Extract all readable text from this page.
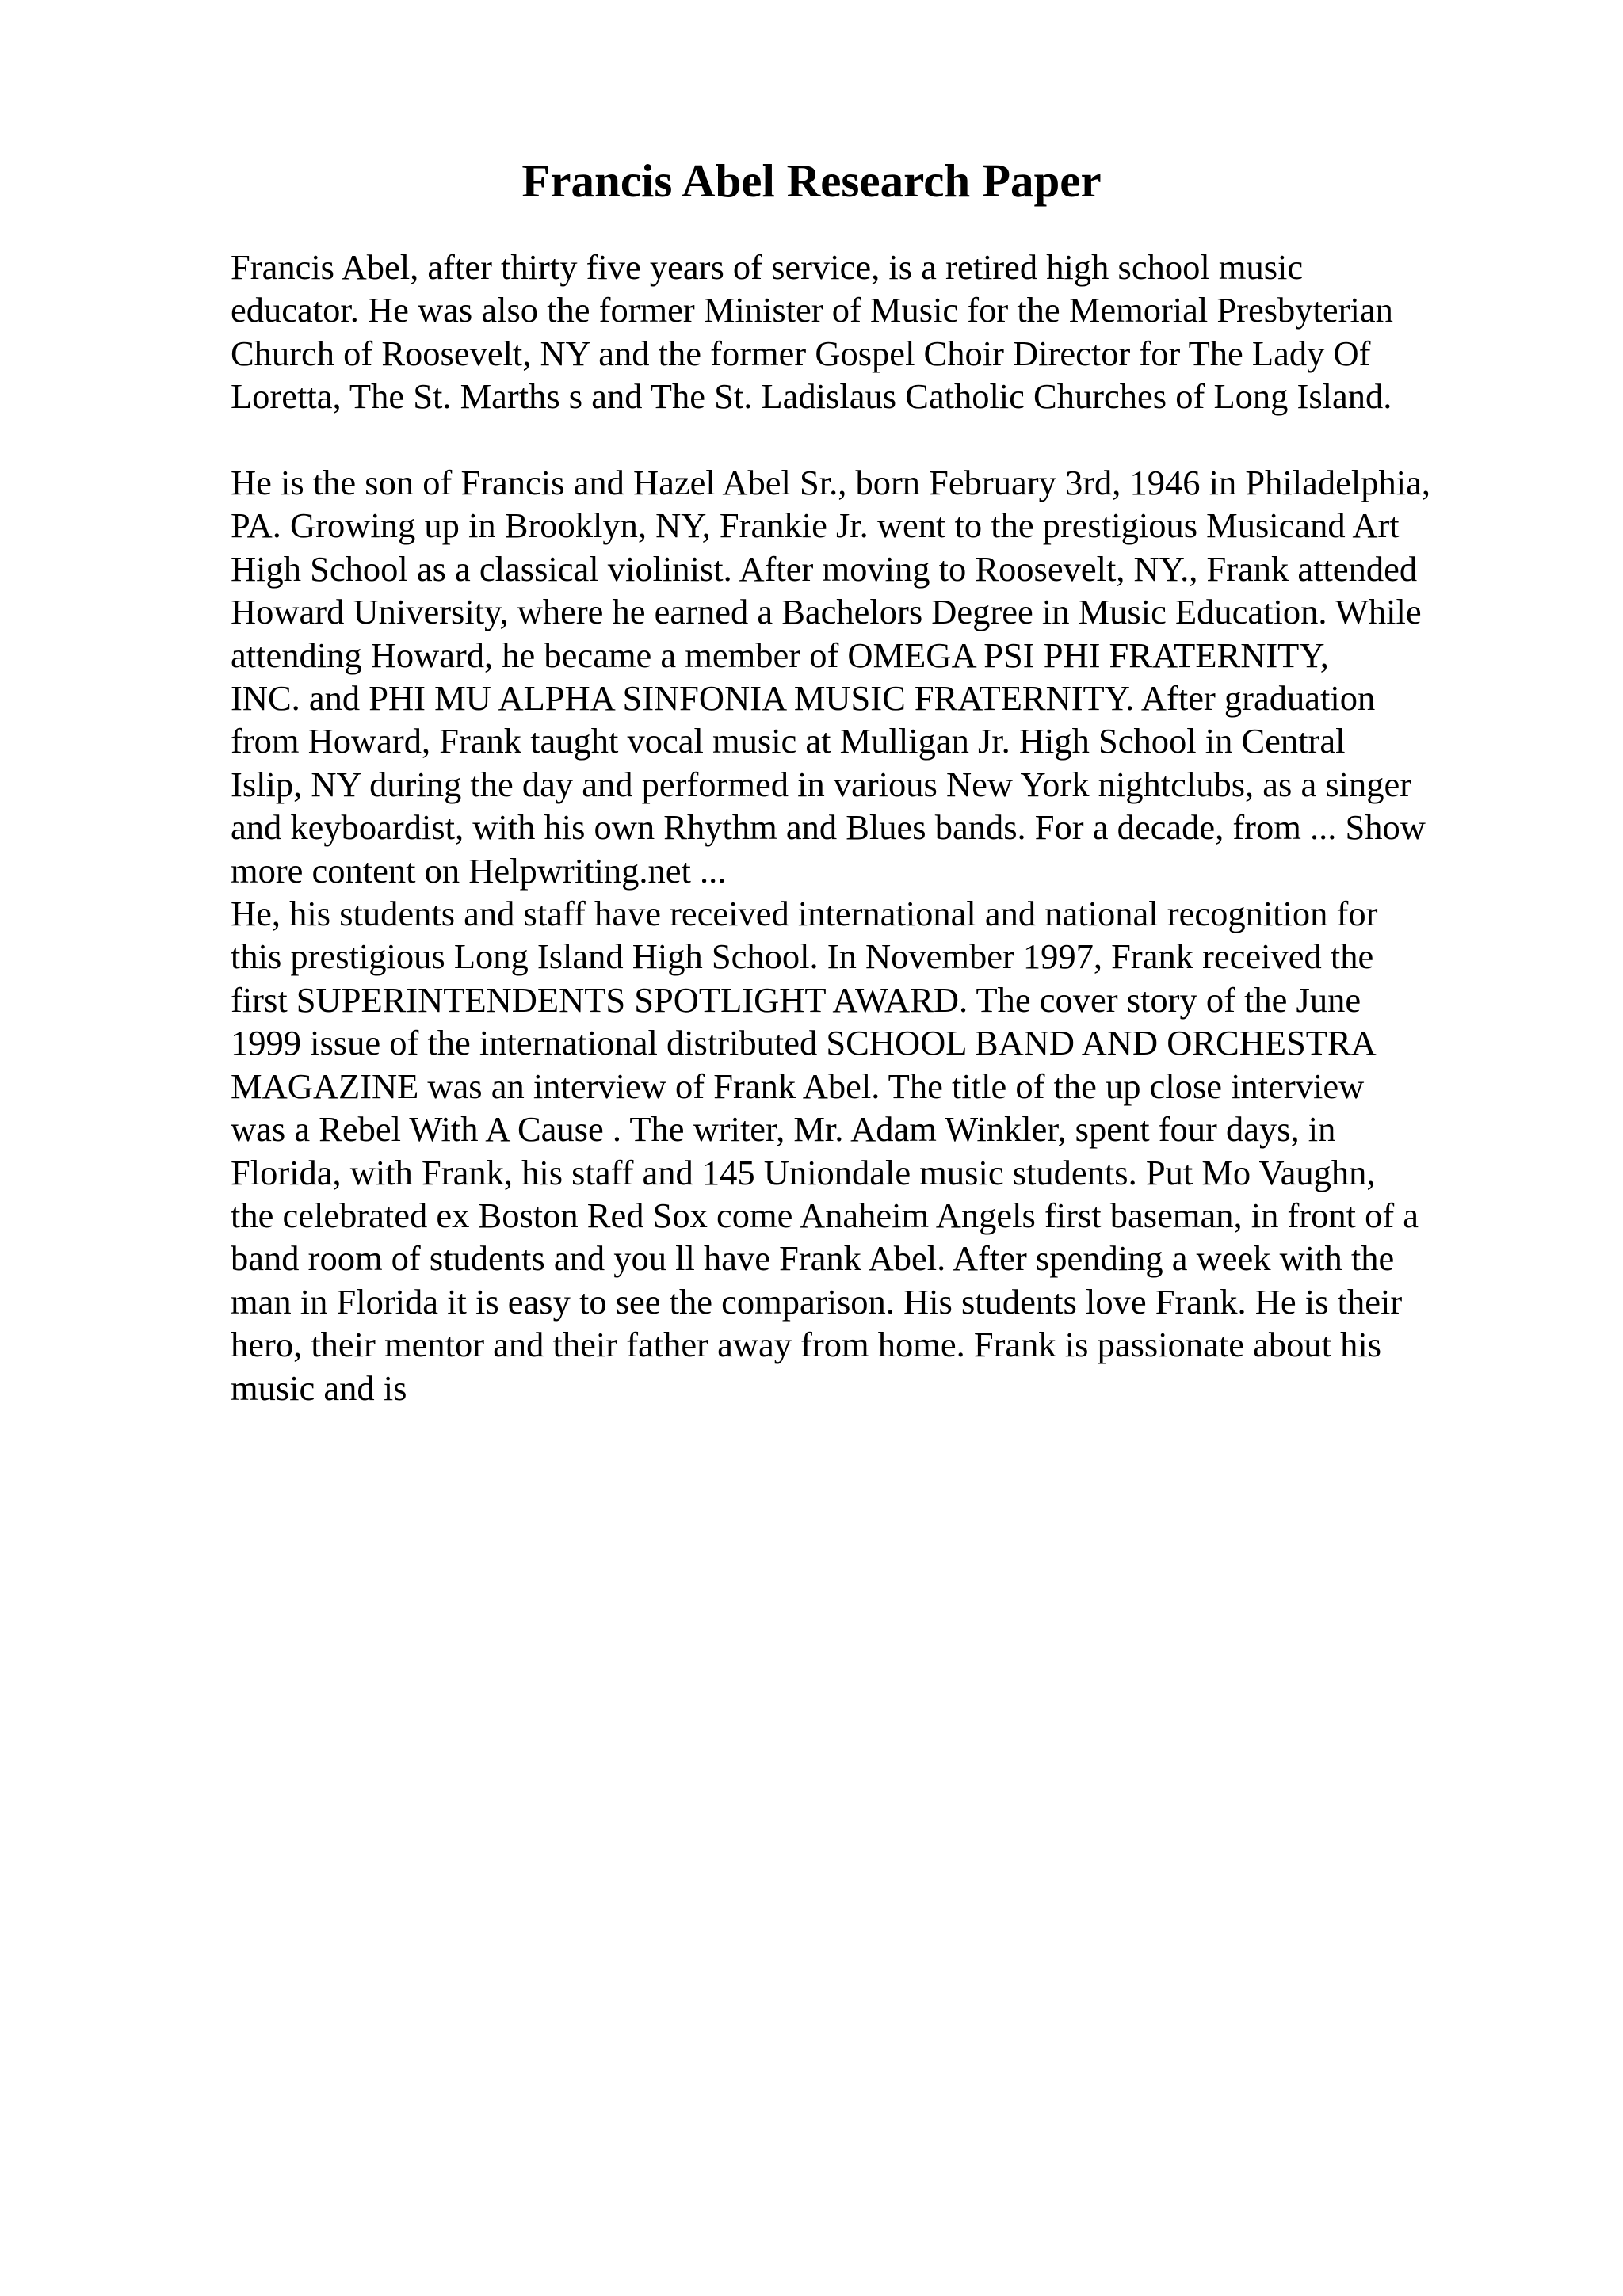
Francis Abel Research Paper

Francis Abel, after thirty five years of service, is a retired high school music
educator. He was also the former Minister of Music for the Memorial Presbyterian
Church of Roosevelt, NY and the former Gospel Choir Director for The Lady Of
Loretta, The St. Marths s and The St. Ladislaus Catholic Churches of Long Island.

He is the son of Francis and Hazel Abel Sr., born February 3rd, 1946 in Philadelphia,
PA. Growing up in Brooklyn, NY, Frankie Jr. went to the prestigious Musicand Art
High School as a classical violinist. After moving to Roosevelt, NY., Frank attended
Howard University, where he earned a Bachelors Degree in Music Education. While
attending Howard, he became a member of OMEGA PSI PHI FRATERNITY,
INC. and PHI MU ALPHA SINFONIA MUSIC FRATERNITY. After graduation
from Howard, Frank taught vocal music at Mulligan Jr. High School in Central
Islip, NY during the day and performed in various New York nightclubs, as a singer
and keyboardist, with his own Rhythm and Blues bands. For a decade, from ... Show
more content on Helpwriting.net ...

He, his students and staff have received international and national recognition for
this prestigious Long Island High School. In November 1997, Frank received the
first SUPERINTENDENTS SPOTLIGHT AWARD. The cover story of the June
1999 issue of the international distributed SCHOOL BAND AND ORCHESTRA
MAGAZINE was an interview of Frank Abel. The title of the up close interview
was a Rebel With A Cause . The writer, Mr. Adam Winkler, spent four days, in
Florida, with Frank, his staff and 145 Uniondale music students. Put Mo Vaughn,
the celebrated ex Boston Red Sox come Anaheim Angels first baseman, in front of a
band room of students and you ll have Frank Abel. After spending a week with the
man in Florida it is easy to see the comparison. His students love Frank. He is their
hero, their mentor and their father away from home. Frank is passionate about his
music and is
